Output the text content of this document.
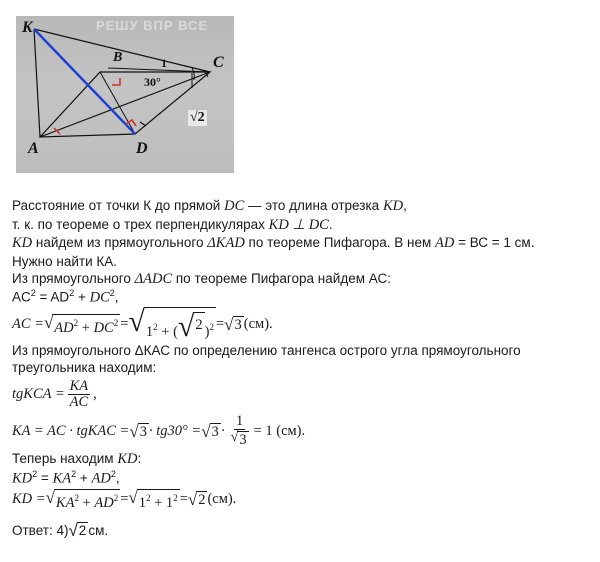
РЕШУ ВПР ВСЕ
K
B	C
A	D
1
30°
√2
Расстояние от точки К до прямой DC — это длина отрезка KD,
т. к. по теореме о трех перпендикулярах KD ⊥ DC.
KD найдем из прямоугольного ΔKAD по теореме Пифагора. В нем AD = ВС = 1 см.
Нужно найти КА.
Из прямоугольного ΔADC по теореме Пифагора найдем АС:
$AC^2 = AD^2 + DC^2$,
AC = √ $AD^2 + DC^2$ = √ $1^2$ + ( √ 2 )$^2$ = √ 3 (см).
Из прямоугольного ΔКАС по определению тангенса острого угла прямоугольного
треугольника находим:
tgKCA = $\frac{KA}{AC}$ ,
KA = AC · tgKAC = √ 3 · tg30° = √ $3 \cdot \frac{1}{√ 3} = 1$ (см).
Теперь находим KD:
$KD^2 = KA^2 + AD^2$,
KD = √ $KA^2 + AD^2$ = √ $1^2 + 1^2$ = √ 2 (см).
Ответ: 4) √ 2 см.
